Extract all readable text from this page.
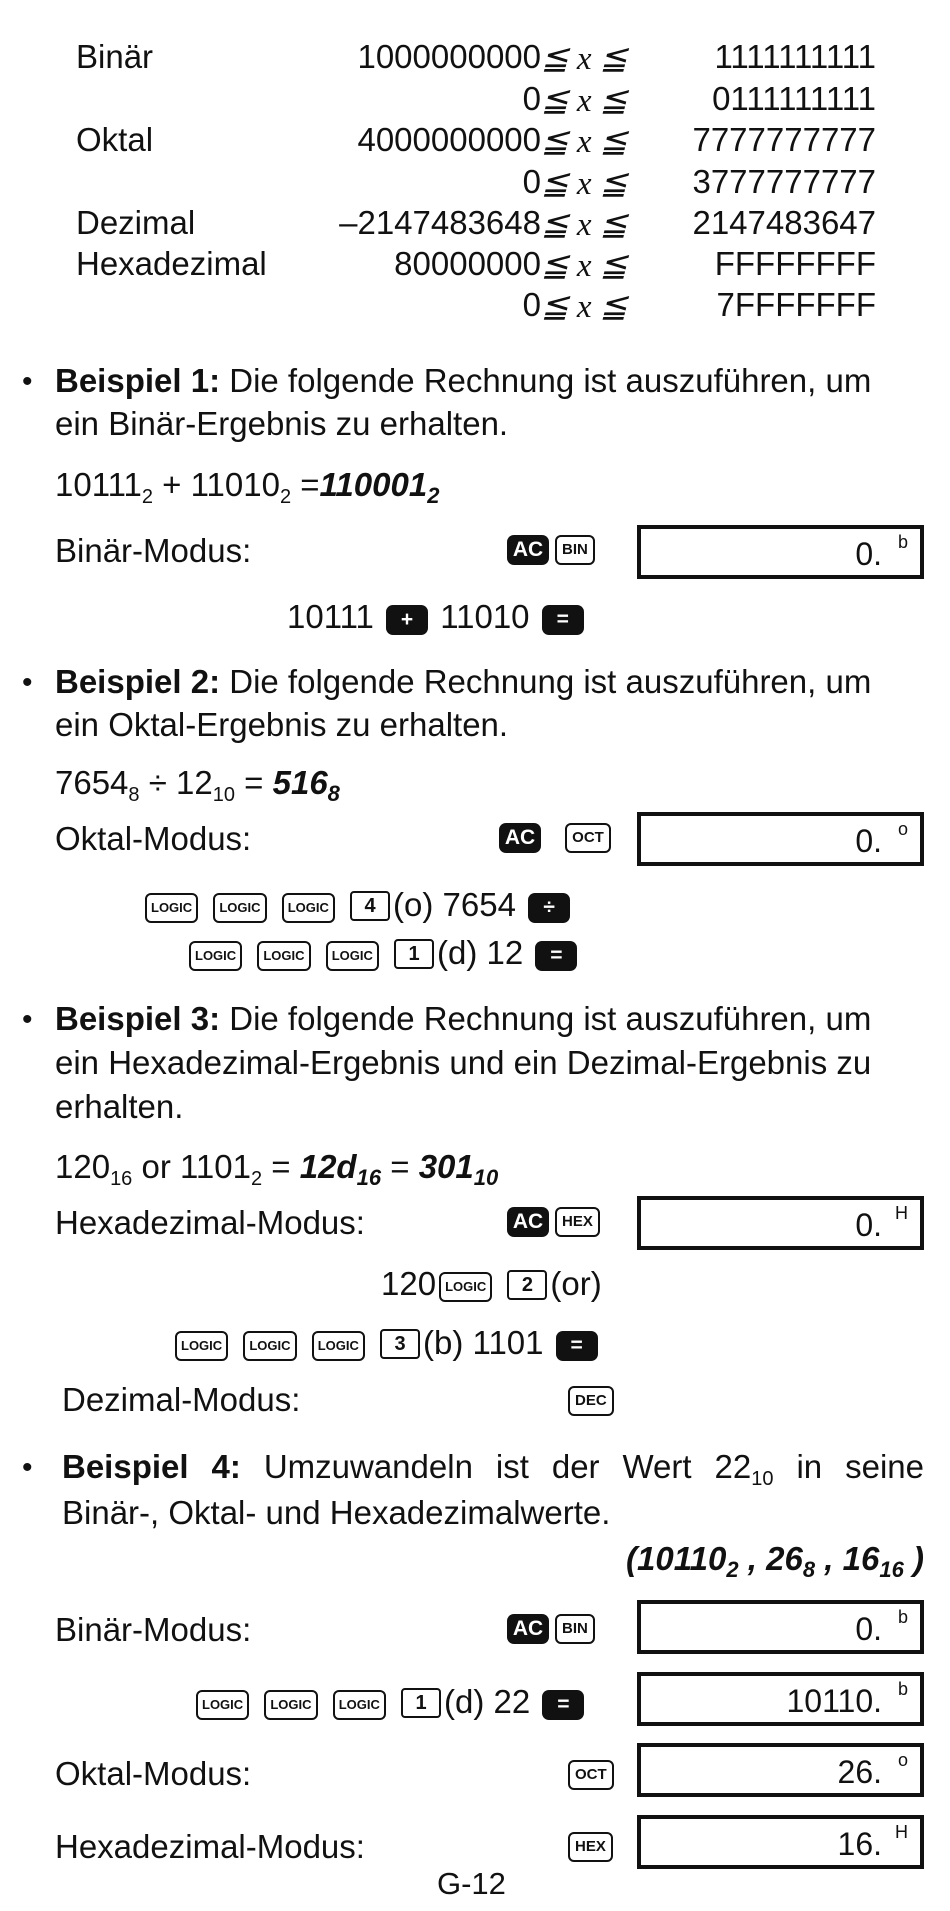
Binär	1000000000 ≦ x ≦	1111111111
0 ≦ x ≦	0111111111
Oktal	4000000000 ≦ x ≦ 7777777777
0 ≦ x ≦ 3777777777
Dezimal	–2147483648 ≦ x ≦ 2147483647
Hexadezimal	80000000 ≦ x ≦	FFFFFFFF
0 ≦ x ≦	7FFFFFFF
• Beispiel 1: Die folgende Rechnung ist auszuführen, um
ein Binär-Ergebnis zu erhalten.
$10111_2 + 11010_2 =110001_2$
Binär-Modus:	AC BIN	0. b
10111 + 11010 =
• Beispiel 2: Die folgende Rechnung ist auszuführen, um
ein Oktal-Ergebnis zu erhalten.
$7654_8 \div 12_{10} = 516_8$
Oktal-Modus:	AC OCT	0. o
LOGIC LOGIC LOGIC 4 (o) 7654 ÷
LOGIC LOGIC LOGIC 1 (d) 12 =
• Beispiel 3: Die folgende Rechnung ist auszuführen, um
ein Hexadezimal-Ergebnis und ein Dezimal-Ergebnis zu
erhalten.
$120_{16}$ or $1101_2 = 12d_{16} = 301_{10}$
Hexadezimal-Modus:	AC HEX	0. H
120 LOGIC 2 (or)
LOGIC LOGIC LOGIC 3 (b) 1101 =
Dezimal-Modus:	DEC
• Beispiel 4: Umzuwandeln ist der Wert $22_{10}$ in seine
Binär-, Oktal- und Hexadezimalwerte.
($10110_2$ , $26_8$ , $16_{16}$ )
Binär-Modus:	AC BIN	0. b
LOGIC LOGIC LOGIC 1 (d) 22 =	10110. b
Oktal-Modus:	OCT	26. o
Hexadezimal-Modus:	HEX	16. H
G-12
